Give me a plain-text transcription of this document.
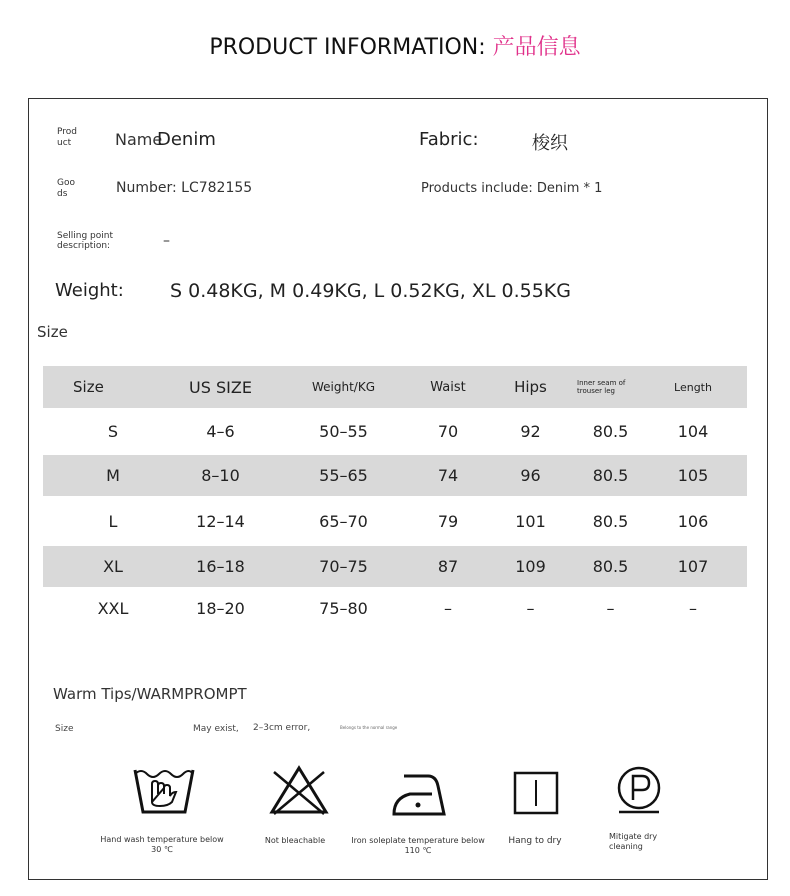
PRODUCT INFORMATION: 产品信息
Prod uct	Name
Denim	Fabric:	梭织
Goo ds	Number: LC782155	Products include: Denim * 1
Selling point description:	–
Weight: S 0.48KG, M 0.49KG, L 0.52KG, XL 0.55KG
Size
Size	US SIZE	Weight/KG	Waist	Hips	Inner seam of trouser leg	Length
S	4–6	50–55	70	92	80.5	104
M	8–10	55–65	74	96	80.5	105
L	12–14	65–70	79	101	80.5	106
XL	16–18	70–75	87	109	80.5	107
XXL	18–20	75–80	–	–	–	–
Warm Tips/WARMPROMPT
Size	May exist, 2–3cm error,	Belongs to the normal range
Hand wash temperature below 30 ℃
Not bleachable	Iron soleplate temperature below 110 ℃
Hang to dry	Mitigate dry cleaning
